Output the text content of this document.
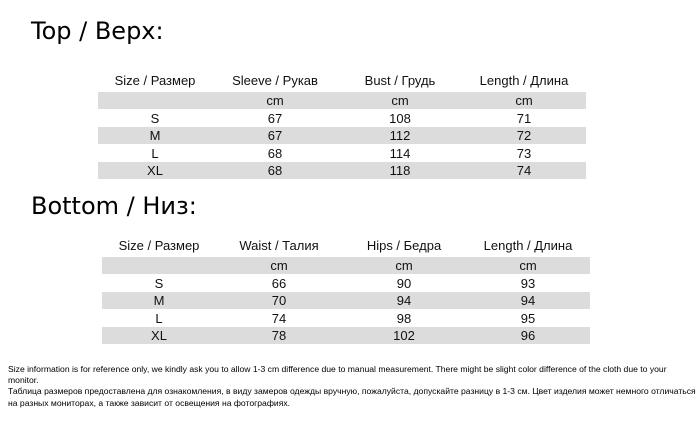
Top / Верх:
Size / Размер	Sleeve / Рукав	Bust / Грудь	Length / Длина
	cm	cm	cm
S	67	108	71
M	67	112	72
L	68	114	73
XL	68	118	74
Bottom / Низ:
Size / Размер	Waist / Талия	Hips / Бедра	Length / Длина
	cm	cm	cm
S	66	90	93
M	70	94	94
L	74	98	95
XL	78	102	96

Size information is for reference only, we kindly ask you to allow 1-3 cm difference due to manual measurement. There might be slight color difference of the cloth due to your monitor.

Таблица размеров предоставлена для ознакомления, в виду замеров одежды вручную, пожалуйста, допускайте разницу в 1-3 см. Цвет изделия может немного отличаться на разных мониторах, а также зависит от освещения на фотографиях.
